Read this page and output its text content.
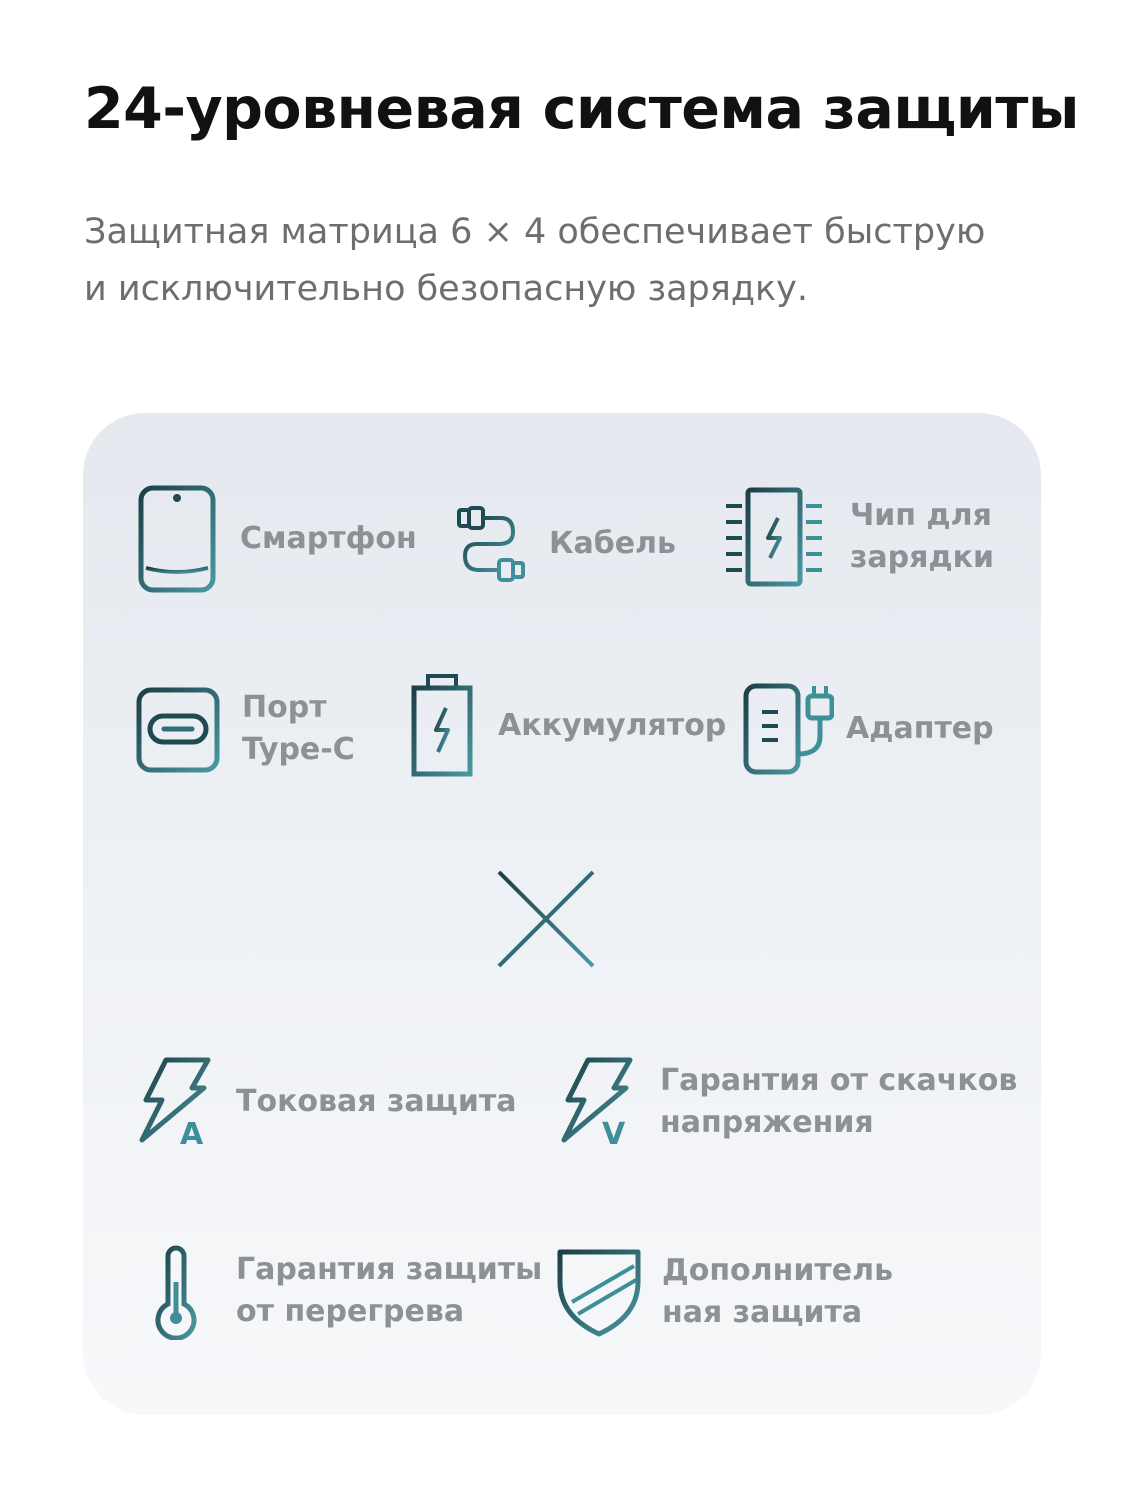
24-уровневая система защиты

Защитная матрица 6 × 4 обеспечивает быструю
и исключительно безопасную зарядку.

Смартфон	Кабель
Чип для
зарядки
Порт
Type-C
Аккумулятор	Адаптер
A
Токовая защита
V
Гарантия от скачков
напряжения
Гарантия защиты
от перегрева
Дополнитель
ная защита
